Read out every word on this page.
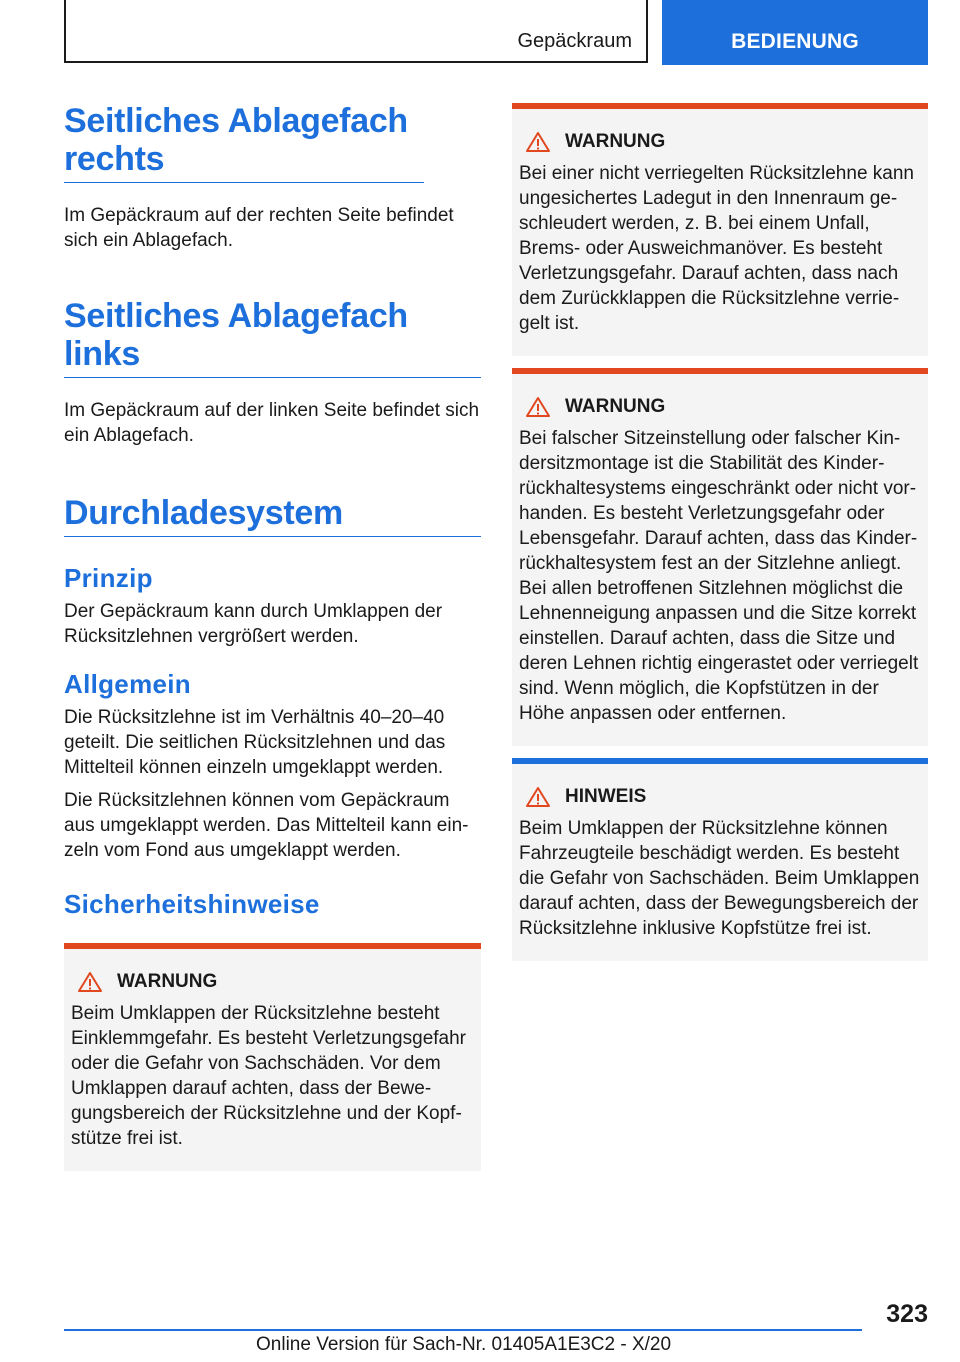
Gepäckraum	BEDIENUNG
Seitliches Ablagefach rechts

Im Gepäckraum auf der rechten Seite befindet sich ein Ablagefach.

Seitliches Ablagefach links

Im Gepäckraum auf der linken Seite befindet sich ein Ablagefach.

Durchladesystem
Prinzip

Der Gepäckraum kann durch Umklappen der Rücksitzlehnen vergrößert werden.

Allgemein

Die Rücksitzlehne ist im Verhältnis 40–20–40 geteilt. Die seitlichen Rücksitzlehnen und das Mittelteil können einzeln umgeklappt werden.

Die Rücksitzlehnen können vom Gepäckraum aus umgeklappt werden. Das Mittelteil kann einzeln vom Fond aus umgeklappt werden.

Sicherheitshinweise
WARNUNG

Beim Umklappen der Rücksitzlehne besteht Einklemmgefahr. Es besteht Verletzungsgefahr oder die Gefahr von Sachschäden. Vor dem Umklappen darauf achten, dass der Bewegungsbereich der Rücksitzlehne und der Kopfstütze frei ist.

WARNUNG

Bei einer nicht verriegelten Rücksitzlehne kann ungesichertes Ladegut in den Innenraum geschleudert werden, z. B. bei einem Unfall, Brems- oder Ausweichmanöver. Es besteht Verletzungsgefahr. Darauf achten, dass nach dem Zurückklappen die Rücksitzlehne verriegelt ist.

WARNUNG

Bei falscher Sitzeinstellung oder falscher Kindersitzmontage ist die Stabilität des Kinderrückhaltesystems eingeschränkt oder nicht vorhanden. Es besteht Verletzungsgefahr oder Lebensgefahr. Darauf achten, dass das Kinderrückhaltesystem fest an der Sitzlehne anliegt. Bei allen betroffenen Sitzlehnen möglichst die Lehnenneigung anpassen und die Sitze korrekt einstellen. Darauf achten, dass die Sitze und deren Lehnen richtig eingerastet oder verriegelt sind. Wenn möglich, die Kopfstützen in der Höhe anpassen oder entfernen.

HINWEIS

Beim Umklappen der Rücksitzlehne können Fahrzeugteile beschädigt werden. Es besteht die Gefahr von Sachschäden. Beim Umklappen darauf achten, dass der Bewegungsbereich der Rücksitzlehne inklusive Kopfstütze frei ist.

323
Online Version für Sach-Nr. 01405A1E3C2 - X/20
